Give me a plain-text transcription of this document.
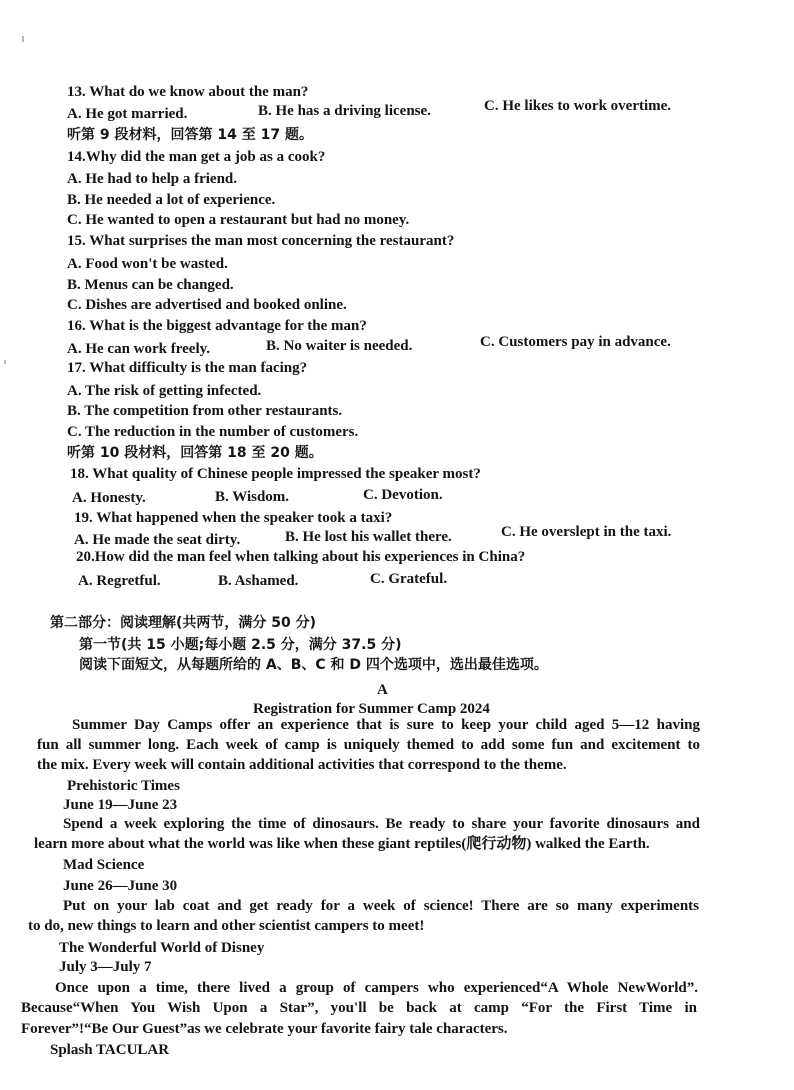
13. What do we know about the man?
A. He got married.	B. He has a driving license.	C. He likes to work overtime.
听第 9 段材料，回答第 14 至 17 题。
14.Why did the man get a job as a cook?
A. He had to help a friend.
B. He needed a lot of experience.
C. He wanted to open a restaurant but had no money.
15. What surprises the man most concerning the restaurant?
A. Food won't be wasted.
B. Menus can be changed.
C. Dishes are advertised and booked online.
16. What is the biggest advantage for the man?
A. He can work freely.	B. No waiter is needed.	C. Customers pay in advance.
17. What difficulty is the man facing?
A. The risk of getting infected.
B. The competition from other restaurants.
C. The reduction in the number of customers.
听第 10 段材料，回答第 18 至 20 题。
18. What quality of Chinese people impressed the speaker most?
A. Honesty.	B. Wisdom.	C. Devotion.
19. What happened when the speaker took a taxi?
A. He made the seat dirty.	B. He lost his wallet there.	C. He overslept in the taxi.
20.How did the man feel when talking about his experiences in China?
A. Regretful.	B. Ashamed.	C. Grateful.
第二部分：阅读理解(共两节，满分 50 分)
第一节(共 15 小题;每小题 2.5 分，满分 37.5 分)
阅读下面短文，从每题所给的 A、B、C 和 D 四个选项中，选出最佳选项。
A
Registration for Summer Camp 2024
Summer Day Camps offer an experience that is sure to keep your child aged 5—12 having
fun all summer long. Each week of camp is uniquely themed to add some fun and excitement to
the mix. Every week will contain additional activities that correspond to the theme.
Prehistoric Times
June 19—June 23
Spend a week exploring the time of dinosaurs. Be ready to share your favorite dinosaurs and
learn more about what the world was like when these giant reptiles(爬行动物) walked the Earth.
Mad Science
June 26—June 30
Put on your lab coat and get ready for a week of science! There are so many experiments
to do, new things to learn and other scientist campers to meet!
The Wonderful World of Disney
July 3—July 7
Once upon a time, there lived a group of campers who experienced“A Whole NewWorld”.
Because“When You Wish Upon a Star”, you'll be back at camp “For the First Time in
Forever”!“Be Our Guest”as we celebrate your favorite fairy tale characters.
Splash TACULAR
